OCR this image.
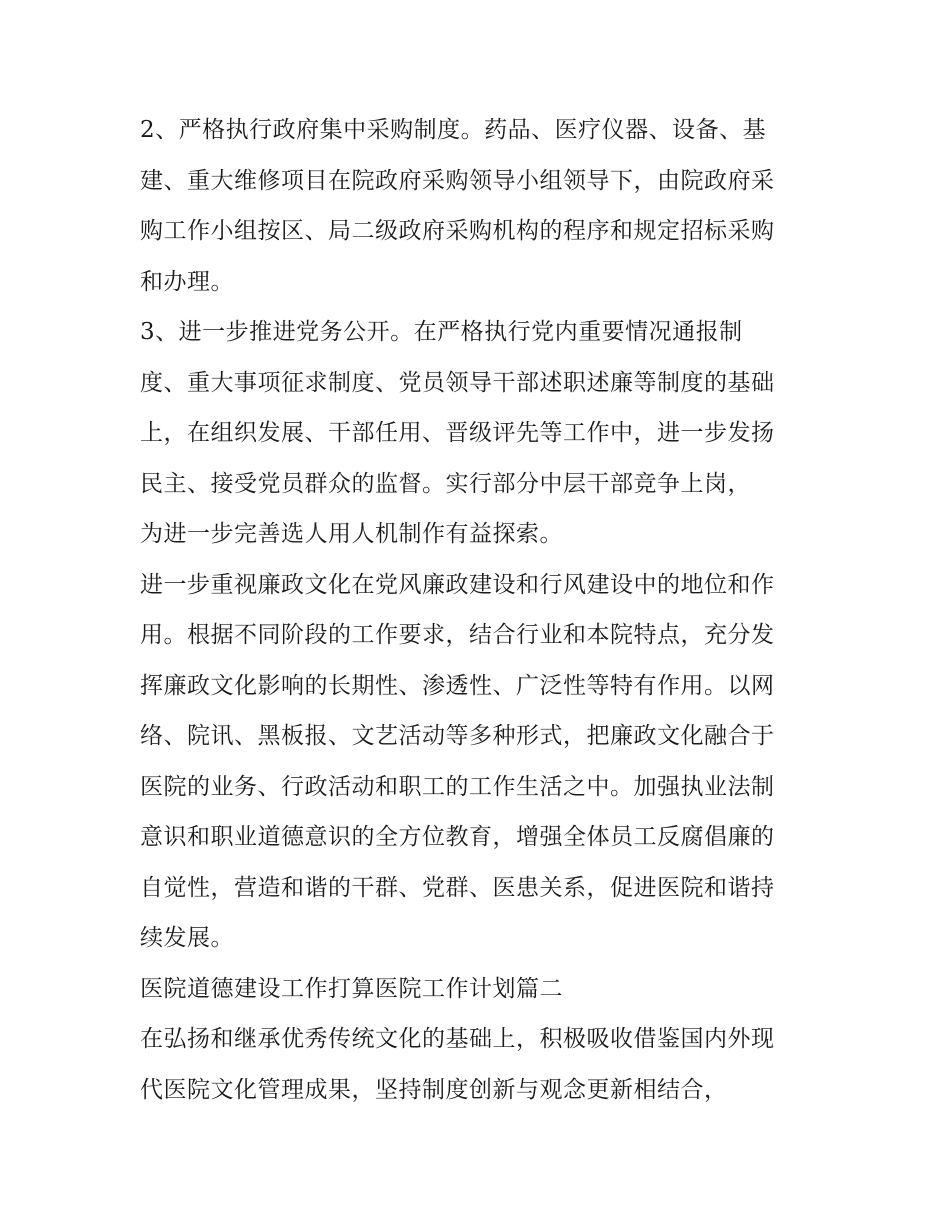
2、严格执行政府集中采购制度。药品、医疗仪器、设备、基
建、重大维修项目在院政府采购领导小组领导下，由院政府采
购工作小组按区、局二级政府采购机构的程序和规定招标采购
和办理。
3、进一步推进党务公开。在严格执行党内重要情况通报制
度、重大事项征求制度、党员领导干部述职述廉等制度的基础
上，在组织发展、干部任用、晋级评先等工作中，进一步发扬
民主、接受党员群众的监督。实行部分中层干部竞争上岗，
为进一步完善选人用人机制作有益探索。
进一步重视廉政文化在党风廉政建设和行风建设中的地位和作
用。根据不同阶段的工作要求，结合行业和本院特点，充分发
挥廉政文化影响的长期性、渗透性、广泛性等特有作用。以网
络、院讯、黑板报、文艺活动等多种形式，把廉政文化融合于
医院的业务、行政活动和职工的工作生活之中。加强执业法制
意识和职业道德意识的全方位教育，增强全体员工反腐倡廉的
自觉性，营造和谐的干群、党群、医患关系，促进医院和谐持
续发展。
医院道德建设工作打算医院工作计划篇二
在弘扬和继承优秀传统文化的基础上，积极吸收借鉴国内外现
代医院文化管理成果，坚持制度创新与观念更新相结合，
